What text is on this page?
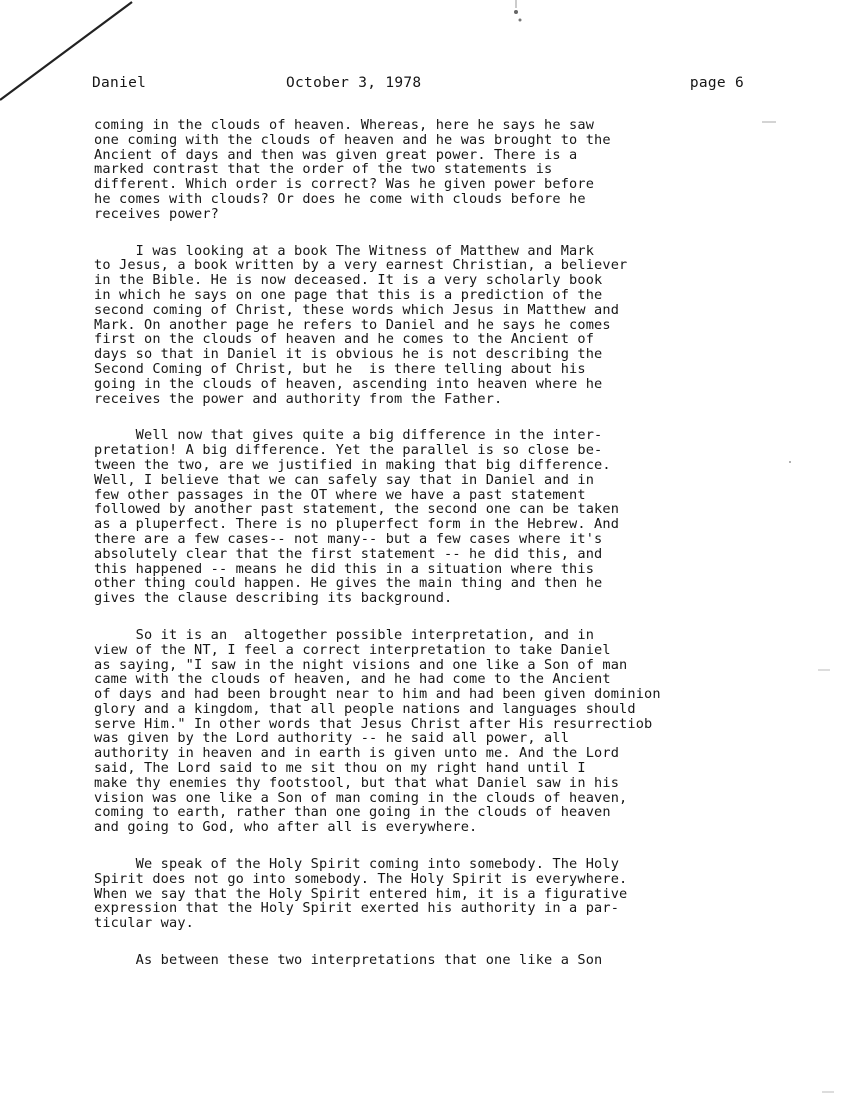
Daniel	October 3, 1978	page 6
coming in the clouds of heaven. Whereas, here he says he saw
one coming with the clouds of heaven and he was brought to the
Ancient of days and then was given great power. There is a
marked contrast that the order of the two statements is
different. Which order is correct? Was he given power before
he comes with clouds? Or does he come with clouds before he
receives power?
I was looking at a book The Witness of Matthew and Mark
to Jesus, a book written by a very earnest Christian, a believer
in the Bible. He is now deceased. It is a very scholarly book
in which he says on one page that this is a prediction of the
second coming of Christ, these words which Jesus in Matthew and
Mark. On another page he refers to Daniel and he says he comes
first on the clouds of heaven and he comes to the Ancient of
days so that in Daniel it is obvious he is not describing the
Second Coming of Christ, but he  is there telling about his
going in the clouds of heaven, ascending into heaven where he
receives the power and authority from the Father.
Well now that gives quite a big difference in the inter-
pretation! A big difference. Yet the parallel is so close be-
tween the two, are we justified in making that big difference.
Well, I believe that we can safely say that in Daniel and in
few other passages in the OT where we have a past statement
followed by another past statement, the second one can be taken
as a pluperfect. There is no pluperfect form in the Hebrew. And
there are a few cases-- not many-- but a few cases where it's
absolutely clear that the first statement -- he did this, and
this happened -- means he did this in a situation where this
other thing could happen. He gives the main thing and then he
gives the clause describing its background.
So it is an  altogether possible interpretation, and in
view of the NT, I feel a correct interpretation to take Daniel
as saying, "I saw in the night visions and one like a Son of man
came with the clouds of heaven, and he had come to the Ancient
of days and had been brought near to him and had been given dominion
glory and a kingdom, that all people nations and languages should
serve Him." In other words that Jesus Christ after His resurrectiob
was given by the Lord authority -- he said all power, all
authority in heaven and in earth is given unto me. And the Lord
said, The Lord said to me sit thou on my right hand until I
make thy enemies thy footstool, but that what Daniel saw in his
vision was one like a Son of man coming in the clouds of heaven,
coming to earth, rather than one going in the clouds of heaven
and going to God, who after all is everywhere.
We speak of the Holy Spirit coming into somebody. The Holy
Spirit does not go into somebody. The Holy Spirit is everywhere.
When we say that the Holy Spirit entered him, it is a figurative
expression that the Holy Spirit exerted his authority in a par-
ticular way.
As between these two interpretations that one like a Son
